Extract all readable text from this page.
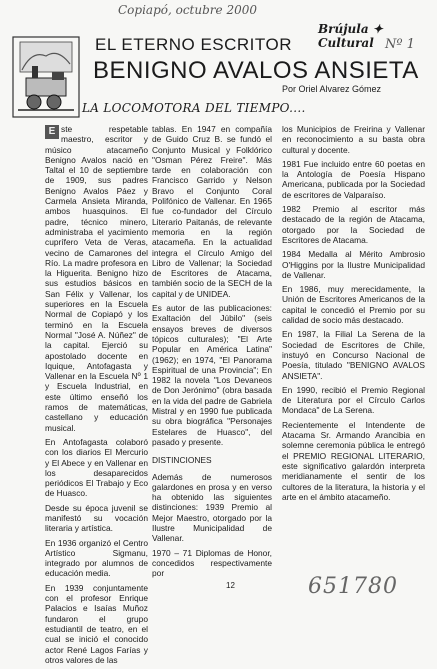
Copiapó, octubre 2000
Nº 1
Brújula ✦ Cultural
EL ETERNO ESCRITOR
BENIGNO AVALOS ANSIETA
Por Oriel Alvarez Gómez
LA LOCOMOTORA DEL TIEMPO....

E ste respetable maestro, escritor y músico atacameño Benigno Avalos nació en Taltal el 10 de septiembre de 1909, sus padres Benigno Avalos Páez y Carmela Ansieta Miranda, ambos huasquinos. El padre, técnico minero, administraba el yacimiento cuprífero Veta de Veras, vecino de Camarones del Río. La madre profesora en la Higuerita. Benigno hizo sus estudios básicos en San Félix y Vallenar, los superiores en la Escuela Normal de Copiapó y los terminó en la Escuela Normal "José A. Núñez" de la capital. Ejerció su apostolado docente en Iquique, Antofagasta y Vallenar en la Escuela Nº 1 y Escuela Industrial, en este último enseñó los ramos de matemáticas, castellano y educación musical.

En Antofagasta colaboró con los diarios El Mercurio y El Abece y en Vallenar en los desaparecidos periódicos El Trabajo y Eco de Huasco.

Desde su época juvenil se manifestó su vocación literaria y artística.

En 1936 organizó el Centro Artístico Sigmanu, integrado por alumnos de educación media.

En 1939 conjuntamente con el profesor Enrique Palacios e Isaías Muñoz fundaron el grupo estudiantil de teatro, en el cual se inició el conocido actor René Lagos Farías y otros valores de las

tablas. En 1947 en compañía de Guido Cruz B. se fundó el Conjunto Musical y Folklórico "Osman Pérez Freire". Más tarde en colaboración con Francisco Garrido y Nelson Bravo el Conjunto Coral Polifónico de Vallenar. En 1965 fue co-fundador del Círculo Literario Paitanás, de relevante memoria en la región atacameña. En la actualidad integra el Círculo Amigo del Libro de Vallenar; la Sociedad de Escritores de Atacama, también socio de la SECH de la capital y de UNIDEA.

Es autor de las publicaciones: Exaltación del Júbilo" (seis ensayos breves de diversos tópicos culturales); "El Arte Popular en América Latina" (1962); en 1974, "El Panorama Espiritual de una Provincia"; En 1982 la novela "Los Devaneos de Don Jerónimo" (obra basada en la vida del padre de Gabriela Mistral y en 1990 fue publicada su obra biográfica "Personajes Estelares de Huasco", del pasado y presente.

DISTINCIONES

Además de numerosos galardones en prosa y en verso ha obtenido las siguientes distinciones: 1939 Premio al Mejor Maestro, otorgado por la Ilustre Municipalidad de Vallenar.

1970 – 71 Diplomas de Honor, concedidos respectivamente por

los Municipios de Freirina y Vallenar en reconocimiento a su basta obra cultural y docente.

1981 Fue incluido entre 60 poetas en la Antología de Poesía Hispano Americana, publicada por la Sociedad de escritores de Valparaíso.

1982 Premio al escritor más destacado de la región de Atacama, otorgado por la Sociedad de Escritores de Atacama.

1984 Medalla al Mérito Ambrosio O'Higgins por la Ilustre Municipalidad de Vallenar.

En 1986, muy merecidamente, la Unión de Escritores Americanos de la capital le concedió el Premio por su calidad de socio más destacado.

En 1987, la Filial La Serena de la Sociedad de Escritores de Chile, instuyó en Concurso Nacional de Poesía, titulado "BENIGNO AVALOS ANSIETA".

En 1990, recibió el Premio Regional de Literatura por el Círculo Carlos Mondaca" de La Serena.

Recientemente el Intendente de Atacama Sr. Armando Arancibia en solemne ceremonia pública le entregó el PREMIO REGIONAL LITERARIO, este significativo galardón interpreta meridianamente el sentir de los cultores de la literatura, la historia y el arte en el ámbito atacameño.

12	651780
